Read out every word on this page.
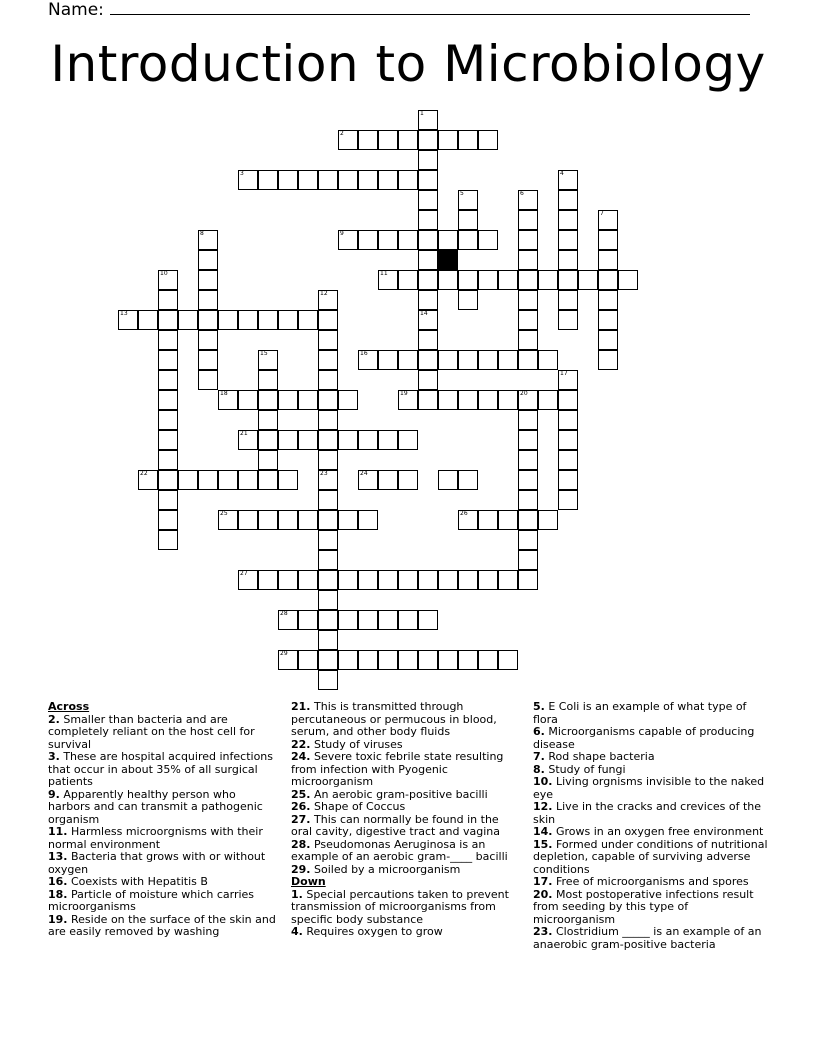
Name:
Introduction to Microbiology
1
2
3
5	6
4
7
9
11
8
10
12
13	14
15	16
17
18	19	20
21
22	23	24
25	26
27
28
29

Across

2. Smaller than bacteria and are completely reliant on the host cell for survival

3. These are hospital acquired infections that occur in about 35% of all surgical patients

9. Apparently healthy person who harbors and can transmit a pathogenic organism

11. Harmless microorgnisms with their normal environment

13. Bacteria that grows with or without oxygen

16. Coexists with Hepatitis B

18. Particle of moisture which carries microorganisms

19. Reside on the surface of the skin and are easily removed by washing

21. This is transmitted through percutaneous or permucous in blood, serum, and other body fluids

22. Study of viruses

24. Severe toxic febrile state resulting from infection with Pyogenic microorganism

25. An aerobic gram-positive bacilli

26. Shape of Coccus

27. This can normally be found in the oral cavity, digestive tract and vagina

28. Pseudomonas Aeruginosa is an example of an aerobic gram-____ bacilli

29. Soiled by a microorganism

Down

1. Special percautions taken to prevent transmission of microorganisms from specific body substance

4. Requires oxygen to grow

5. E Coli is an example of what type of flora

6. Microorganisms capable of producing disease

7. Rod shape bacteria

8. Study of fungi

10. Living orgnisms invisible to the naked eye

12. Live in the cracks and crevices of the skin

14. Grows in an oxygen free environment

15. Formed under conditions of nutritional depletion, capable of surviving adverse conditions

17. Free of microorganisms and spores

20. Most postoperative infections result from seeding by this type of microorganism

23. Clostridium _____ is an example of an anaerobic gram-positive bacteria
